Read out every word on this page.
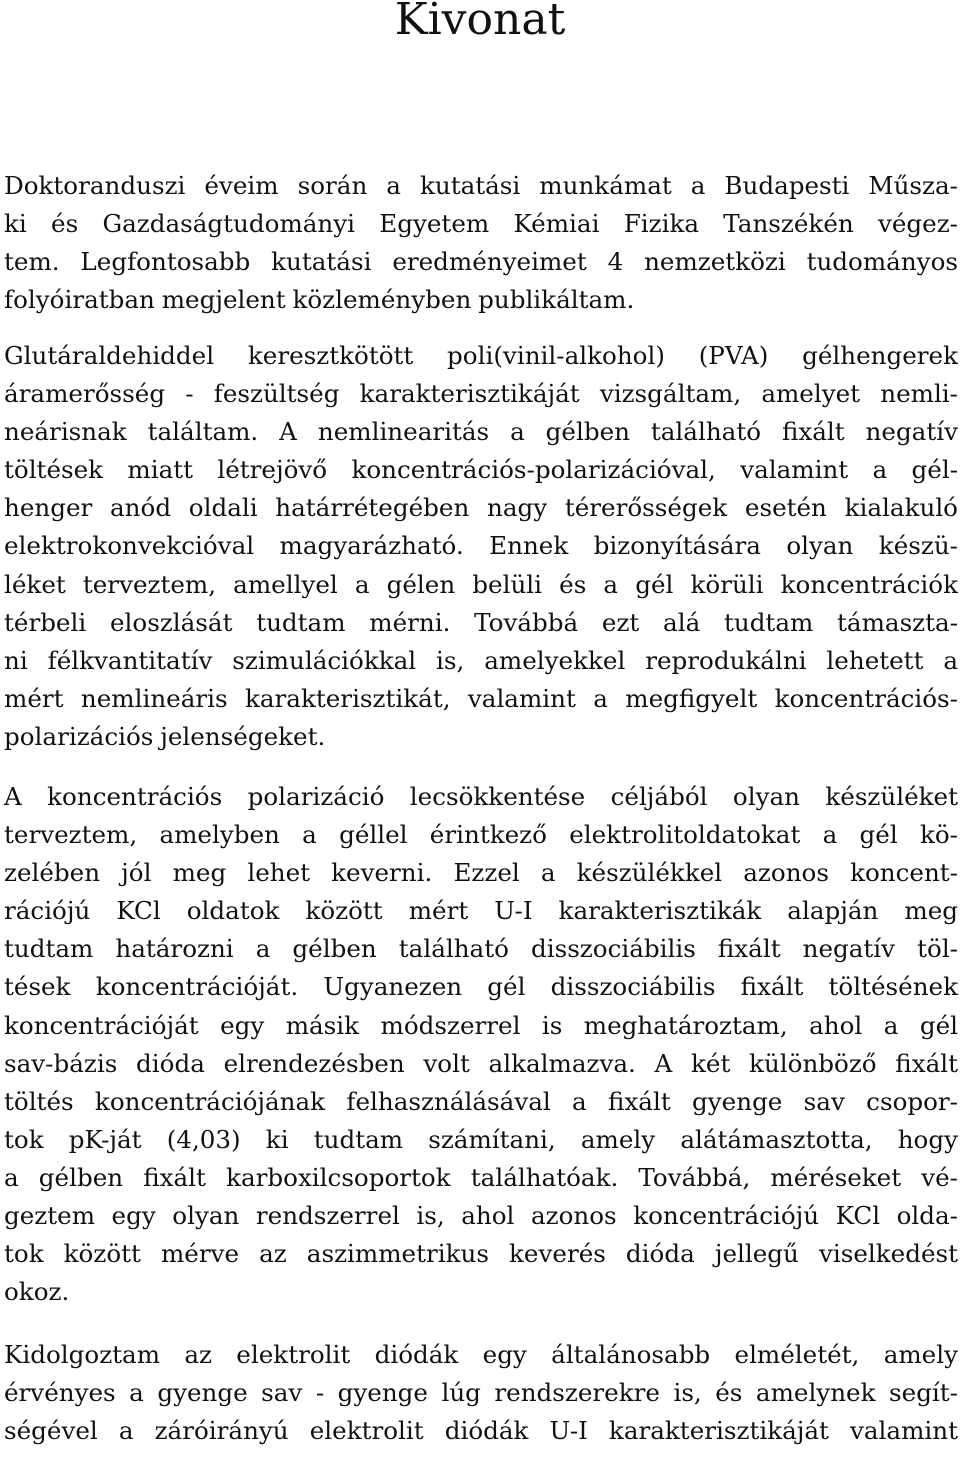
Kivonat
Doktoranduszi éveim során a kutatási munkámat a Budapesti Műsza-
ki és Gazdaságtudományi Egyetem Kémiai Fizika Tanszékén végez-
tem. Legfontosabb kutatási eredményeimet 4 nemzetközi tudományos
folyóiratban megjelent közleményben publikáltam.
Glutáraldehiddel keresztkötött poli(vinil-alkohol) (PVA) gélhengerek
áramerősség - feszültség karakterisztikáját vizsgáltam, amelyet nemli-
neárisnak találtam. A nemlinearitás a gélben található fixált negatív
töltések miatt létrejövő koncentrációs-polarizációval, valamint a gél-
henger anód oldali határrétegében nagy térerősségek esetén kialakuló
elektrokonvekcióval magyarázható. Ennek bizonyítására olyan készü-
léket terveztem, amellyel a gélen belüli és a gél körüli koncentrációk
térbeli eloszlását tudtam mérni. Továbbá ezt alá tudtam támaszta-
ni félkvantitatív szimulációkkal is, amelyekkel reprodukálni lehetett a
mért nemlineáris karakterisztikát, valamint a megfigyelt koncentrációs-
polarizációs jelenségeket.
A koncentrációs polarizáció lecsökkentése céljából olyan készüléket
terveztem, amelyben a géllel érintkező elektrolitoldatokat a gél kö-
zelében jól meg lehet keverni. Ezzel a készülékkel azonos koncent-
rációjú KCl oldatok között mért U-I karakterisztikák alapján meg
tudtam határozni a gélben található disszociábilis fixált negatív töl-
tések koncentrációját. Ugyanezen gél disszociábilis fixált töltésének
koncentrációját egy másik módszerrel is meghatároztam, ahol a gél
sav-bázis dióda elrendezésben volt alkalmazva. A két különböző fixált
töltés koncentrációjának felhasználásával a fixált gyenge sav csopor-
tok pK-ját (4,03) ki tudtam számítani, amely alátámasztotta, hogy
a gélben fixált karboxilcsoportok találhatóak. Továbbá, méréseket vé-
geztem egy olyan rendszerrel is, ahol azonos koncentrációjú KCl olda-
tok között mérve az aszimmetrikus keverés dióda jellegű viselkedést
okoz.
Kidolgoztam az elektrolit diódák egy általánosabb elméletét, amely
érvényes a gyenge sav - gyenge lúg rendszerekre is, és amelynek segít-
ségével a záróirányú elektrolit diódák U-I karakterisztikáját valamint
